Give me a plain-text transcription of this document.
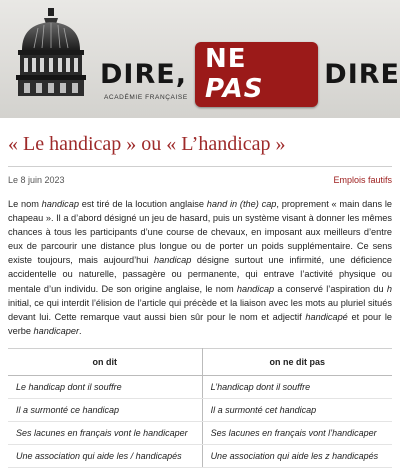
DIRE, NE PAS	DIRE
ACADÉMIE FRANÇAISE
« Le handicap » ou « L’handicap »
Le 8 juin 2023	Emplois fautifs
Le nom handicap est tiré de la locution anglaise hand in (the) cap, proprement « main dans le chapeau ». Il a d’abord désigné un jeu de hasard, puis un système visant à donner les mêmes chances à tous les participants d’une course de chevaux, en imposant aux meilleurs d’entre eux de parcourir une distance plus longue ou de porter un poids supplémentaire. Ce sens existe toujours, mais aujourd’hui handicap désigne surtout une infirmité, une déficience accidentelle ou naturelle, passagère ou permanente, qui entrave l’activité physique ou mentale d’un individu. De son origine anglaise, le nom handicap a conservé l’aspiration du h initial, ce qui interdit l’élision de l’article qui précède et la liaison avec les mots au pluriel situés devant lui. Cette remarque vaut aussi bien sûr pour le nom et adjectif handicapé et pour le verbe handicaper.
on dit	on ne dit pas
Le handicap dont il souffre	L’handicap dont il souffre
Il a surmonté ce handicap	Il a surmonté cet handicap
Ses lacunes en français vont le handicaper	Ses lacunes en français vont l’handicaper
Une association qui aide les / handicapés	Une association qui aide les z handicapés
